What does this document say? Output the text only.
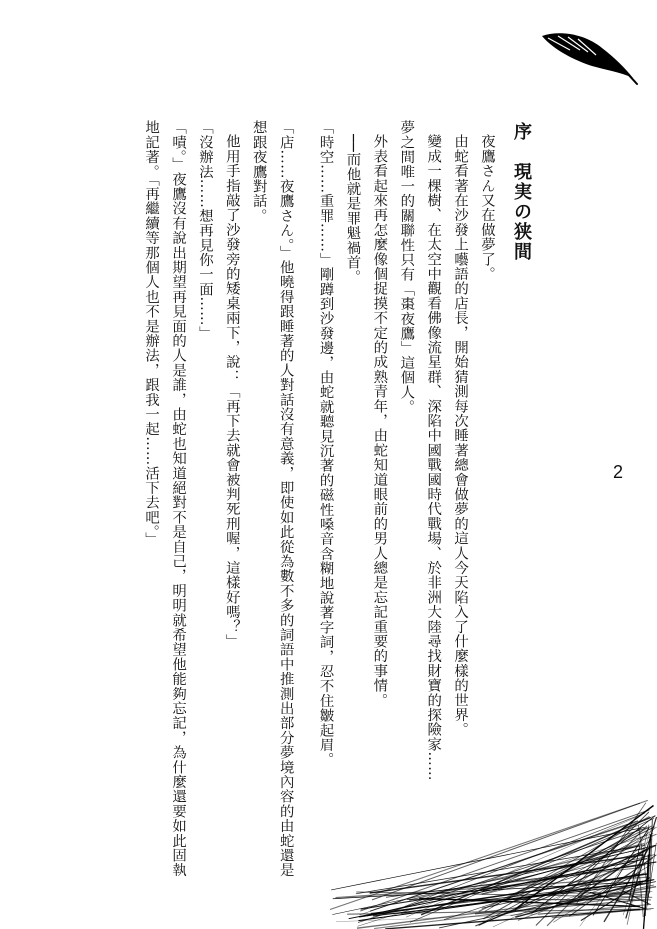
序　現実の狭間
2

夜鷹さん又在做夢了。

由蛇看著在沙發上囈語的店長，開始猜測每次睡著總會做夢的這人今天陷入了什麼樣的世界。

變成一棵樹、在太空中觀看佛像流星群、深陷中國戰國時代戰場、於非洲大陸尋找財寶的探險家……

夢之間唯一的關聯性只有「棗夜鷹」這個人。

外表看起來再怎麼像個捉摸不定的成熟青年，由蛇知道眼前的男人總是忘記重要的事情。

──而他就是罪魁禍首。

「時空……重罪……」剛蹲到沙發邊，由蛇就聽見沉著的磁性嗓音含糊地說著字詞，忍不住皺起眉。

「店……夜鷹さん。」他曉得跟睡著的人對話沒有意義，即使如此從為數不多的詞語中推測出部分夢境內容的由蛇還是想跟夜鷹對話。

他用手指敲了沙發旁的矮桌兩下，說：「再下去就會被判死刑喔，這樣好嗎？」

「沒辦法……想再見你一面……」

「嘖。」夜鷹沒有說出期望再見面的人是誰，由蛇也知道絕對不是自己，明明就希望他能夠忘記，為什麼還要如此固執地記著。「再繼續等那個人也不是辦法，跟我一起……活下去吧。」
